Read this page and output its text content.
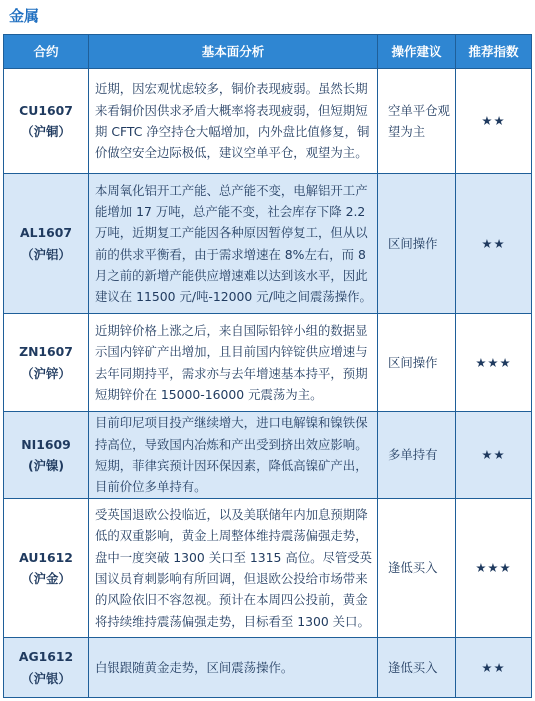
金属
合约	基本面分析	操作建议	推荐指数

CU1607
（沪铜）	近期，因宏观忧虑较多，铜价表现疲弱。虽然长期来看铜价因供求矛盾大概率将表现疲弱，但短期短期 CFTC 净空持仓大幅增加，内外盘比值修复，铜价做空安全边际极低，建议空单平仓，观望为主。	空单平仓观望为主	★★

AL1607
（沪铝）	本周氧化铝开工产能、总产能不变，电解铝开工产能增加 17 万吨，总产能不变，社会库存下降 2.2 万吨，近期复工产能因各种原因暂停复工，但从以前的供求平衡看，由于需求增速在 8%左右，而 8 月之前的新增产能供应增速难以达到该水平，因此建议在 11500 元/吨-12000 元/吨之间震荡操作。	区间操作	★★

ZN1607
（沪锌）	近期锌价格上涨之后，来自国际铅锌小组的数据显示国内锌矿产出增加，且目前国内锌锭供应增速与去年同期持平，需求亦与去年增速基本持平，预期短期锌价在 15000-16000 元震荡为主。	区间操作	★★★

NI1609
(沪镍)	目前印尼项目投产继续增大，进口电解镍和镍铁保持高位，导致国内冶炼和产出受到挤出效应影响。短期，菲律宾预计因环保因素，降低高镍矿产出，目前价位多单持有。	多单持有	★★

AU1612
（沪金）	受英国退欧公投临近，以及美联储年内加息预期降低的双重影响，黄金上周整体维持震荡偏强走势，盘中一度突破 1300 关口至 1315 高位。尽管受英国议员育刺影响有所回调，但退欧公投给市场带来的风险依旧不容忽视。预计在本周四公投前，黄金将持续维持震荡偏强走势，目标看至 1300 关口。	逢低买入	★★★

AG1612
（沪银）	白银跟随黄金走势，区间震荡操作。	逢低买入	★★
